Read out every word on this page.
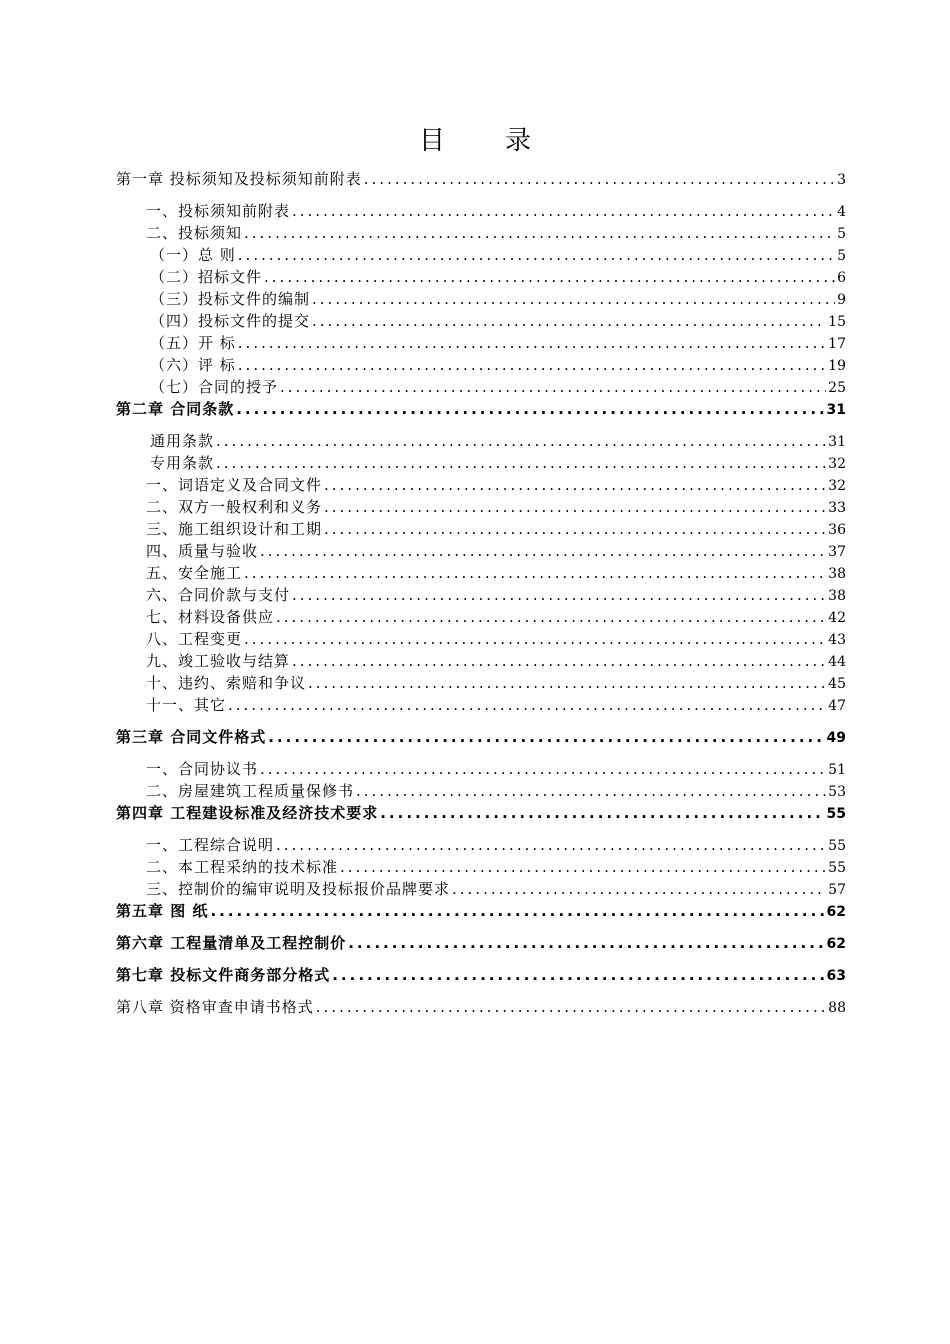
目 录
第一章 投标须知及投标须知前附表 .....	3
一、投标须知前附表 .....	4
二、投标须知 .....	5
（一）总 则 .....	5
（二）招标文件 .....	6
（三）投标文件的编制 .....	9
（四）投标文件的提交 .....	15
（五）开 标 .....	17
（六）评 标 .....	19
（七）合同的授予 .....	25
第二章 合同条款 .....	31
通用条款 .....	31
专用条款 .....	32
一、词语定义及合同文件 .....	32
二、双方一般权利和义务 .....	33
三、施工组织设计和工期 .....	36
四、质量与验收 .....	37
五、安全施工 .....	38
六、合同价款与支付 .....	38
七、材料设备供应 .....	42
八、工程变更 .....	43
九、竣工验收与结算 .....	44
十、违约、索赔和争议 .....	45
十一、其它 .....	47
第三章 合同文件格式 .....	49
一、合同协议书 .....	51
二、房屋建筑工程质量保修书 .....	53
第四章 工程建设标准及经济技术要求 .....	55
一、工程综合说明 .....	55
二、本工程采纳的技术标准 .....	55
三、控制价的编审说明及投标报价品牌要求 .....	57
第五章 图 纸 .....	62
第六章 工程量清单及工程控制价 .....	62
第七章 投标文件商务部分格式 .....	63
第八章 资格审查申请书格式 .....	88
